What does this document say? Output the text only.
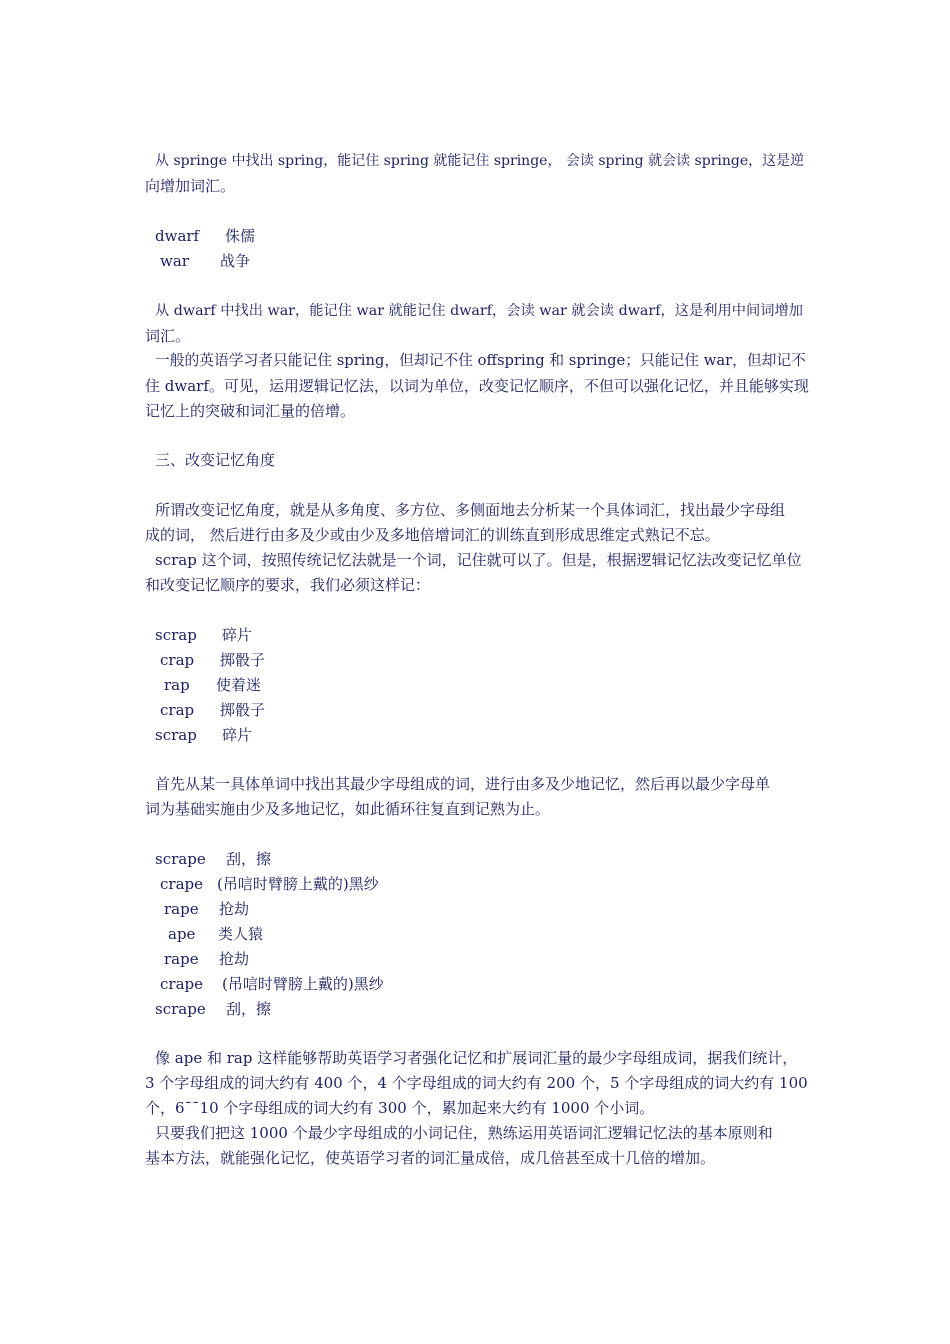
从 springe 中找出 spring，能记住 spring 就能记住 springe， 会读 spring 就会读 springe，这是逆
向增加词汇。
dwarf 侏儒
war 战争
从 dwarf 中找出 war，能记住 war 就能记住 dwarf，会读 war 就会读 dwarf，这是利用中间词增加
词汇。
一般的英语学习者只能记住 spring，但却记不住 offspring 和 springe；只能记住 war，但却记不
住 dwarf。可见，运用逻辑记忆法，以词为单位，改变记忆顺序，不但可以强化记忆，并且能够实现
记忆上的突破和词汇量的倍增。
三、改变记忆角度
所谓改变记忆角度，就是从多角度、多方位、多侧面地去分析某一个具体词汇，找出最少字母组
成的词， 然后进行由多及少或由少及多地倍增词汇的训练直到形成思维定式熟记不忘。
scrap 这个词，按照传统记忆法就是一个词，记住就可以了。但是，根据逻辑记忆法改变记忆单位
和改变记忆顺序的要求，我们必须这样记：
scrap 碎片
crap 掷骰子
rap 使着迷
crap 掷骰子
scrap 碎片
首先从某一具体单词中找出其最少字母组成的词，进行由多及少地记忆，然后再以最少字母单
词为基础实施由少及多地记忆，如此循环往复直到记熟为止。
scrape 刮，擦
crape (吊唁时臂膀上戴的)黑纱
rape 抢劫
ape 类人猿
rape 抢劫
crape (吊唁时臂膀上戴的)黑纱
scrape 刮，擦
像 ape 和 rap 这样能够帮助英语学习者强化记忆和扩展词汇量的最少字母组成词，据我们统计，
3 个字母组成的词大约有 400 个，4 个字母组成的词大约有 200 个，5 个字母组成的词大约有 100
个，6¯¯10 个字母组成的词大约有 300 个，累加起来大约有 1000 个小词。
只要我们把这 1000 个最少字母组成的小词记住，熟练运用英语词汇逻辑记忆法的基本原则和
基本方法，就能强化记忆，使英语学习者的词汇量成倍，成几倍甚至成十几倍的增加。
